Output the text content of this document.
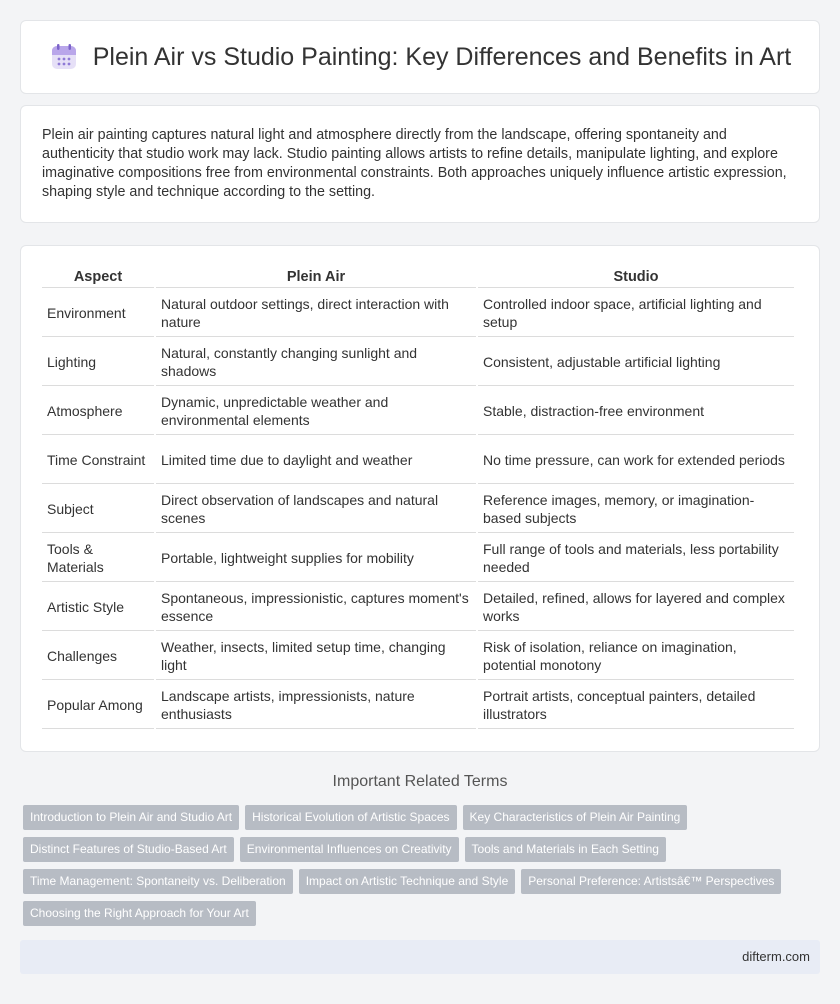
Plein Air vs Studio Painting: Key Differences and Benefits in Art

Plein air painting captures natural light and atmosphere directly from the landscape, offering spontaneity and authenticity that studio work may lack. Studio painting allows artists to refine details, manipulate lighting, and explore imaginative compositions free from environmental constraints. Both approaches uniquely influence artistic expression, shaping style and technique according to the setting.

Aspect	Plein Air	Studio
Environment	Natural outdoor settings, direct interaction with nature	Controlled indoor space, artificial lighting and setup
Lighting	Natural, constantly changing sunlight and shadows	Consistent, adjustable artificial lighting
Atmosphere	Dynamic, unpredictable weather and environmental elements	Stable, distraction-free environment
Time Constraint	Limited time due to daylight and weather	No time pressure, can work for extended periods
Subject	Direct observation of landscapes and natural scenes	Reference images, memory, or imagination-based subjects
Tools & Materials	Portable, lightweight supplies for mobility	Full range of tools and materials, less portability needed
Artistic Style	Spontaneous, impressionistic, captures moment's essence	Detailed, refined, allows for layered and complex works
Challenges	Weather, insects, limited setup time, changing light	Risk of isolation, reliance on imagination, potential monotony
Popular Among	Landscape artists, impressionists, nature enthusiasts	Portrait artists, conceptual painters, detailed illustrators
Important Related Terms
Introduction to Plein Air and Studio Art	Historical Evolution of Artistic Spaces	Key Characteristics of Plein Air Painting
Distinct Features of Studio-Based Art	Environmental Influences on Creativity	Tools and Materials in Each Setting
Time Management: Spontaneity vs. Deliberation	Impact on Artistic Technique and Style	Personal Preference: Artistsâ€™ Perspectives
Choosing the Right Approach for Your Art
difterm.com
